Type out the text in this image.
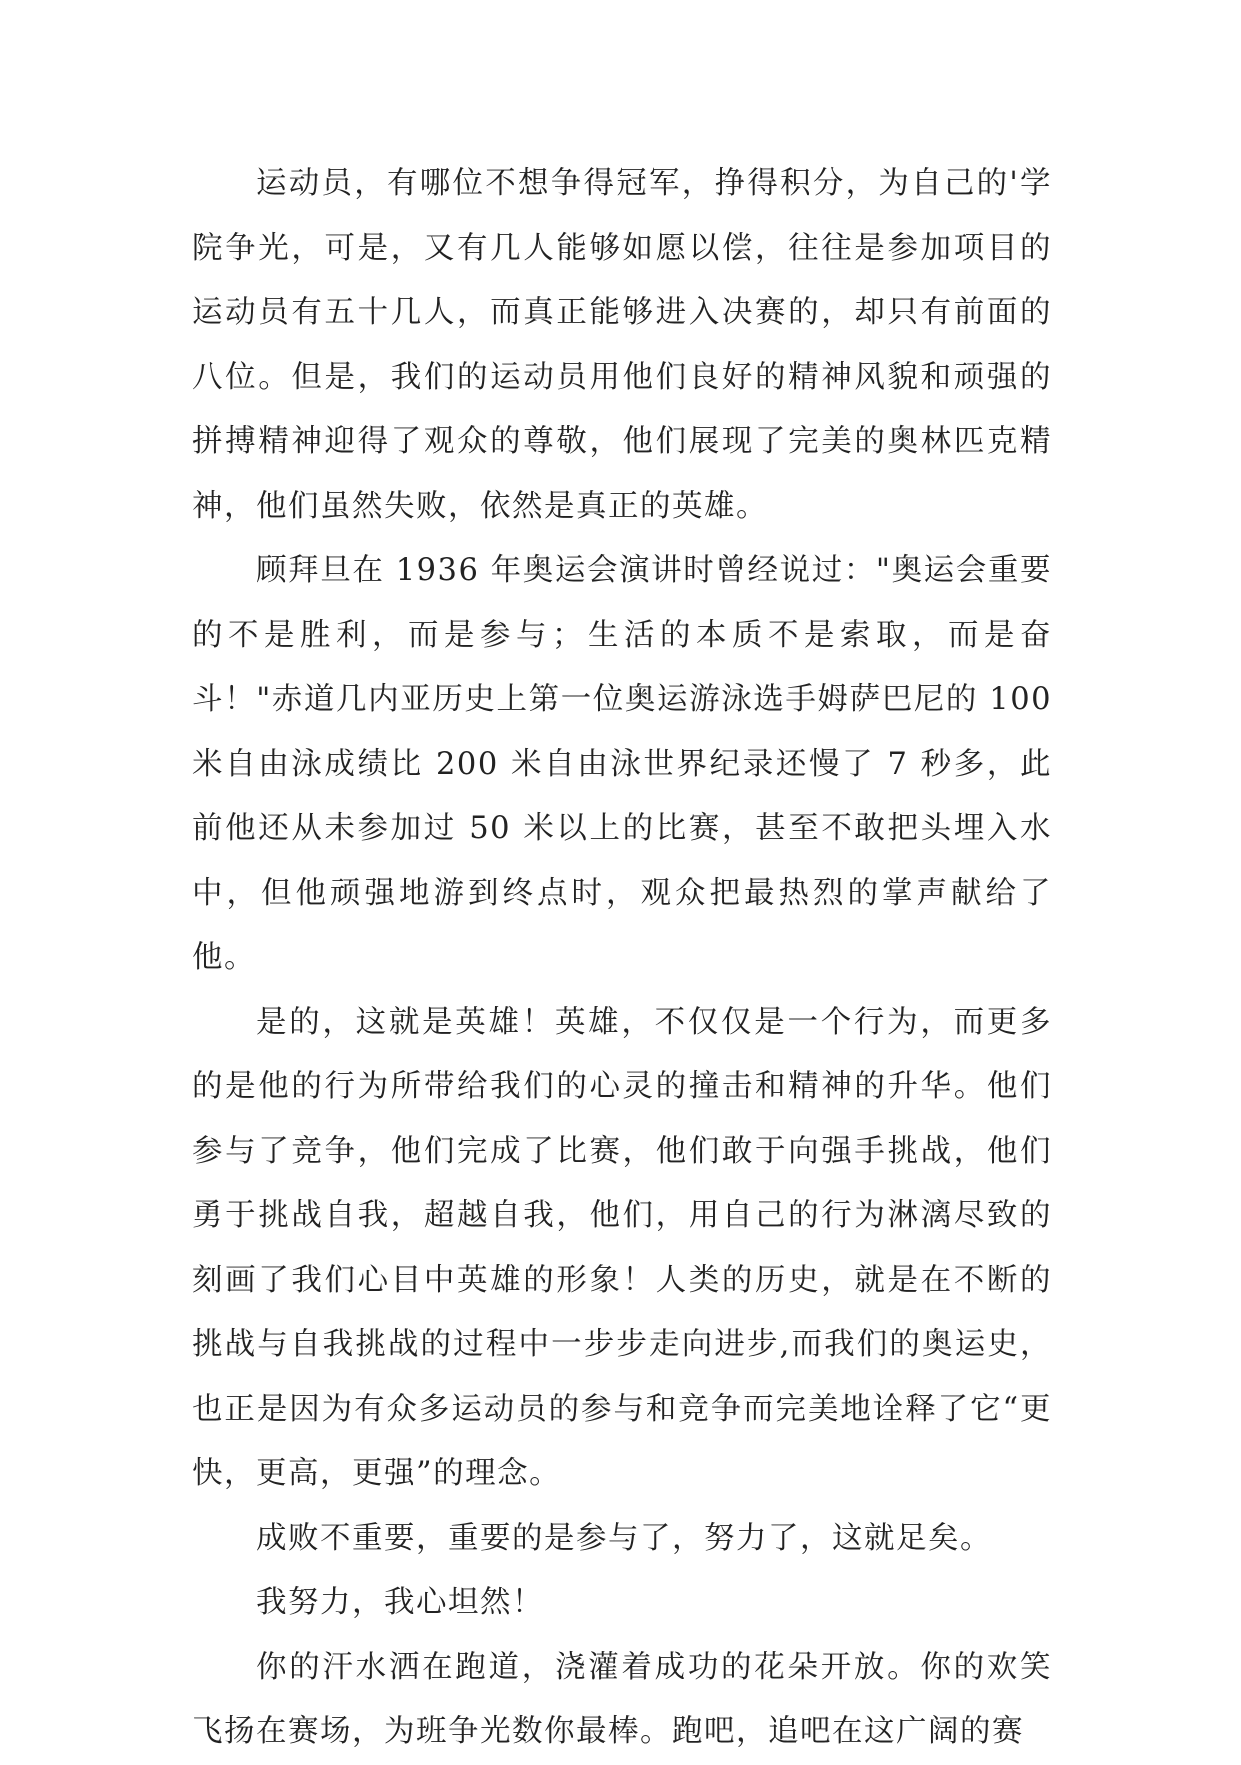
运动员，有哪位不想争得冠军，挣得积分，为自己的'学院争光，可是，又有几人能够如愿以偿，往往是参加项目的运动员有五十几人，而真正能够进入决赛的，却只有前面的八位。但是，我们的运动员用他们良好的精神风貌和顽强的拼搏精神迎得了观众的尊敬，他们展现了完美的奥林匹克精神，他们虽然失败，依然是真正的英雄。

顾拜旦在 1936 年奥运会演讲时曾经说过："奥运会重要的不是胜利，而是参与；生活的本质不是索取，而是奋斗！"赤道几内亚历史上第一位奥运游泳选手姆萨巴尼的 100 米自由泳成绩比 200 米自由泳世界纪录还慢了 7 秒多，此前他还从未参加过 50 米以上的比赛，甚至不敢把头埋入水中，但他顽强地游到终点时，观众把最热烈的掌声献给了他。

是的，这就是英雄！英雄，不仅仅是一个行为，而更多的是他的行为所带给我们的心灵的撞击和精神的升华。他们参与了竞争，他们完成了比赛，他们敢于向强手挑战，他们勇于挑战自我，超越自我，他们，用自己的行为淋漓尽致的刻画了我们心目中英雄的形象！人类的历史，就是在不断的挑战与自我挑战的过程中一步步走向进步,而我们的奥运史，也正是因为有众多运动员的参与和竞争而完美地诠释了它“更快，更高，更强”的理念。

成败不重要，重要的是参与了，努力了，这就足矣。

我努力，我心坦然！

你的汗水洒在跑道，浇灌着成功的花朵开放。你的欢笑飞扬在赛场，为班争光数你最棒。跑吧，追吧在这广阔的赛
